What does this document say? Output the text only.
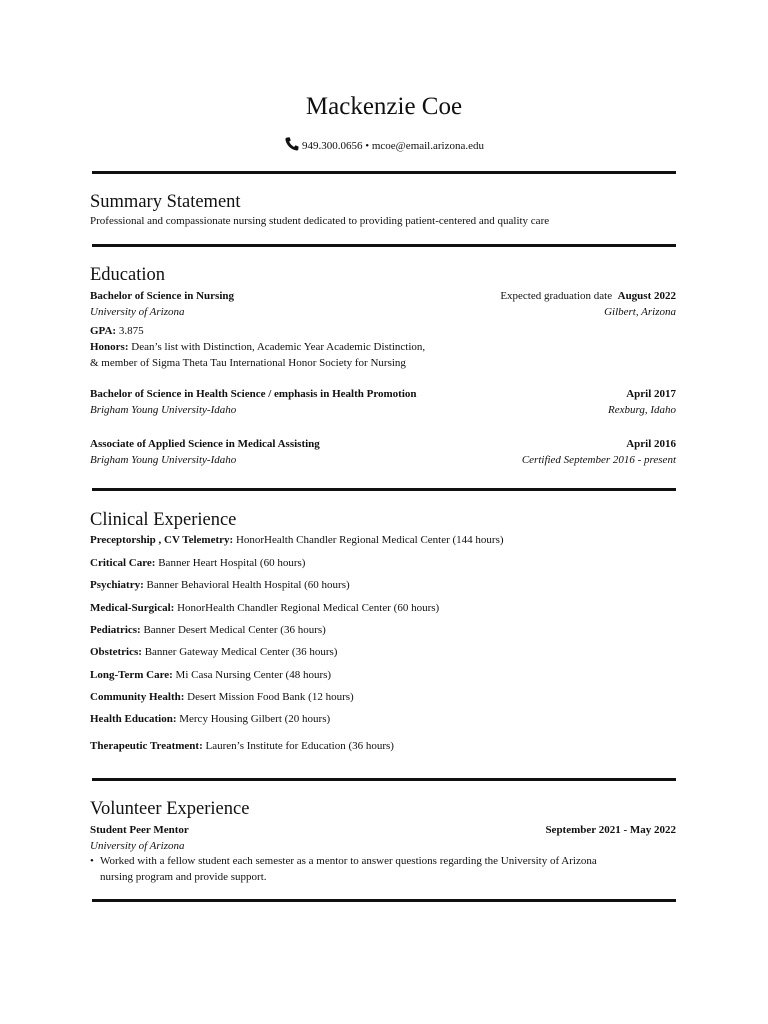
Mackenzie Coe
949.300.0656 • mcoe@email.arizona.edu
Summary Statement
Professional and compassionate nursing student dedicated to providing patient-centered and quality care
Education
Bachelor of Science in Nursing	Expected graduation date August 2022
University of Arizona	Gilbert, Arizona
GPA: 3.875
Honors: Dean’s list with Distinction, Academic Year Academic Distinction,
& member of Sigma Theta Tau International Honor Society for Nursing
Bachelor of Science in Health Science / emphasis in Health Promotion	April 2017
Brigham Young University-Idaho	Rexburg, Idaho
Associate of Applied Science in Medical Assisting	April 2016
Brigham Young University-Idaho	Certified September 2016 - present
Clinical Experience
Preceptorship , CV Telemetry: HonorHealth Chandler Regional Medical Center (144 hours)
Critical Care: Banner Heart Hospital (60 hours)
Psychiatry: Banner Behavioral Health Hospital (60 hours)
Medical-Surgical: HonorHealth Chandler Regional Medical Center (60 hours)
Pediatrics: Banner Desert Medical Center (36 hours)
Obstetrics: Banner Gateway Medical Center (36 hours)
Long-Term Care: Mi Casa Nursing Center (48 hours)
Community Health: Desert Mission Food Bank (12 hours)
Health Education: Mercy Housing Gilbert (20 hours)
Therapeutic Treatment: Lauren’s Institute for Education (36 hours)
Volunteer Experience
Student Peer Mentor	September 2021 - May 2022
University of Arizona
• Worked with a fellow student each semester as a mentor to answer questions regarding the University of Arizona
nursing program and provide support.
